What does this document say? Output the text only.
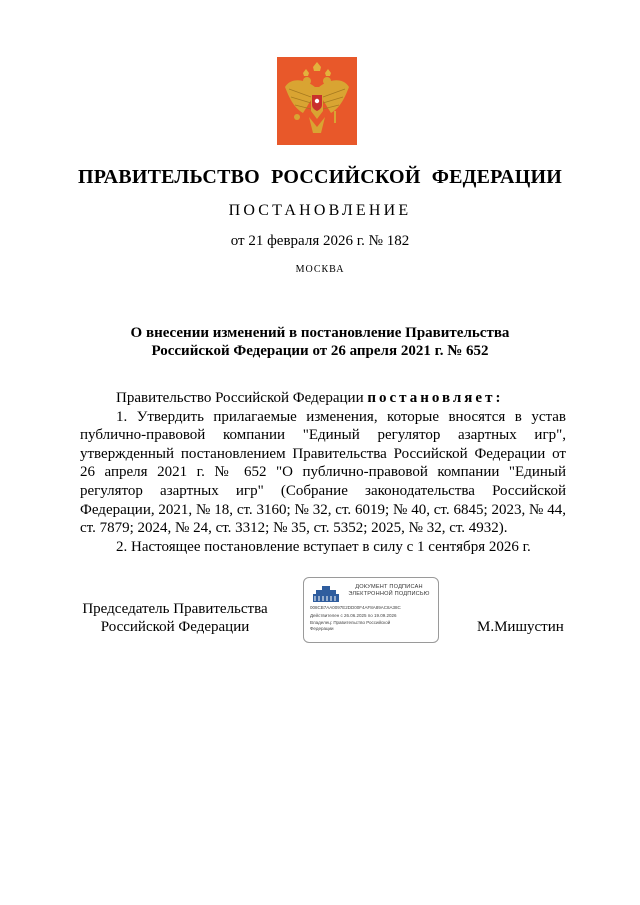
ПРАВИТЕЛЬСТВО РОССИЙСКОЙ ФЕДЕРАЦИИ
ПОСТАНОВЛЕНИЕ
от 21 февраля 2026 г. № 182
МОСКВА
О внесении изменений в постановление Правительства
Российской Федерации от 26 апреля 2021 г. № 652

Правительство Российской Федерации постановляет:

1. Утвердить прилагаемые изменения, которые вносятся в устав публично-правовой компании "Единый регулятор азартных игр", утвержденный постановлением Правительства Российской Федерации от 26 апреля 2021 г. № 652 "О публично-правовой компании "Единый регулятор азартных игр" (Собрание законодательства Российской Федерации, 2021, № 18, ст. 3160; № 32, ст. 6019; № 40, ст. 6845; 2023, № 44, ст. 7879; 2024, № 24, ст. 3312; № 35, ст. 5352; 2025, № 32, ст. 4932).

2. Настоящее постановление вступает в силу с 1 сентября 2026 г.

Председатель Правительства
Российской Федерации
ДОКУМЕНТ ПОДПИСАН
ЭЛЕКТРОННОЙ ПОДПИСЬЮ
008CB7AA0097E2DD00F4AF8A89AC8A38C
Действителен с 26.06.2025 по 19.09.2026
Владелец: Правительство Российской
Федерации	М.Мишустин
